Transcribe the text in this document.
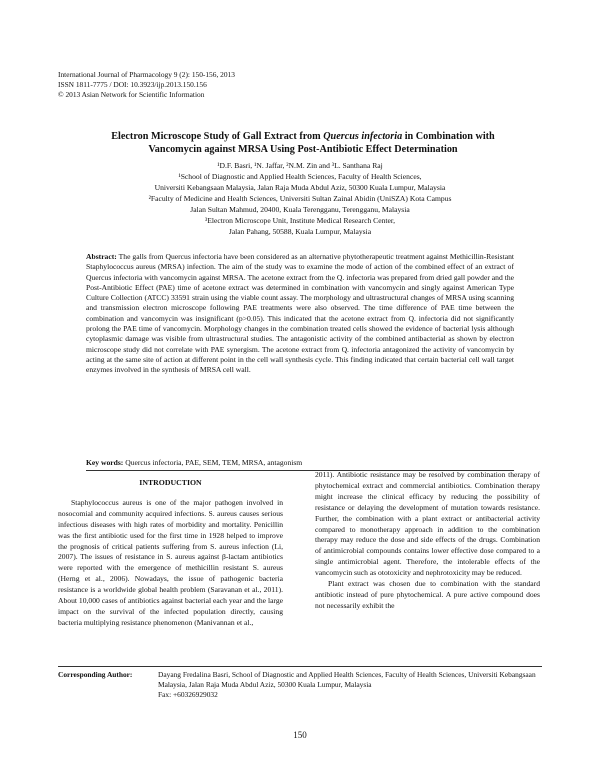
International Journal of Pharmacology 9 (2): 150-156, 2013
ISSN 1811-7775 / DOI: 10.3923/ijp.2013.150.156
© 2013 Asian Network for Scientific Information
Electron Microscope Study of Gall Extract from Quercus infectoria in Combination with
Vancomycin against MRSA Using Post-Antibiotic Effect Determination
¹D.F. Basri, ¹N. Jaffar, ²N.M. Zin and ³L. Santhana Raj
¹School of Diagnostic and Applied Health Sciences, Faculty of Health Sciences,
Universiti Kebangsaan Malaysia, Jalan Raja Muda Abdul Aziz, 50300 Kuala Lumpur, Malaysia
²Faculty of Medicine and Health Sciences, Universiti Sultan Zainal Abidin (UniSZA) Kota Campus
Jalan Sultan Mahmud, 20400, Kuala Terengganu, Terengganu, Malaysia
³Electron Microscope Unit, Institute Medical Research Center,
Jalan Pahang, 50588, Kuala Lumpur, Malaysia
Abstract: The galls from Quercus infectoria have been considered as an alternative phytotherapeutic treatment against Methicillin-Resistant Staphylococcus aureus (MRSA) infection. The aim of the study was to examine the mode of action of the combined effect of an extract of Quercus infectoria with vancomycin against MRSA. The acetone extract from the Q. infectoria was prepared from dried gall powder and the Post-Antibiotic Effect (PAE) time of acetone extract was determined in combination with vancomycin and singly against American Type Culture Collection (ATCC) 33591 strain using the viable count assay. The morphology and ultrastructural changes of MRSA using scanning and transmission electron microscope following PAE treatments were also observed. The time difference of PAE time between the combination and vancomycin was insignificant (p>0.05). This indicated that the acetone extract from Q. infectoria did not significantly prolong the PAE time of vancomycin. Morphology changes in the combination treated cells showed the evidence of bacterial lysis although cytoplasmic damage was visible from ultrastructural studies. The antagonistic activity of the combined antibacterial as shown by electron microscope study did not correlate with PAE synergism. The acetone extract from Q. infectoria antagonized the activity of vancomycin by acting at the same site of action at different point in the cell wall synthesis cycle. This finding indicated that certain bacterial cell wall target enzymes involved in the synthesis of MRSA cell wall.
Key words: Quercus infectoria, PAE, SEM, TEM, MRSA, antagonism
INTRODUCTION

Staphylococcus aureus is one of the major pathogen involved in nosocomial and community acquired infections. S. aureus causes serious infectious diseases with high rates of morbidity and mortality. Penicillin was the first antibiotic used for the first time in 1928 helped to improve the prognosis of critical patients suffering from S. aureus infection (Li, 2007). The issues of resistance in S. aureus against β-lactam antibiotics were reported with the emergence of methicillin resistant S. aureus (Herng et al., 2006). Nowadays, the issue of pathogenic bacteria resistance is a worldwide global health problem (Saravanan et al., 2011). About 10,000 cases of antibiotics against bacterial each year and the large impact on the survival of the infected population directly, causing bacteria multiplying resistance phenomenon (Manivannan et al.,

2011). Antibiotic resistance may be resolved by combination therapy of phytochemical extract and commercial antibiotics. Combination therapy might increase the clinical efficacy by reducing the possibility of resistance or delaying the development of mutation towards resistance. Further, the combination with a plant extract or antibacterial activity compared to monotherapy approach in addition to the combination therapy may reduce the dose and side effects of the drugs. Combination of antimicrobial compounds contains lower effective dose compared to a single antimicrobial agent. Therefore, the intolerable effects of the vancomycin such as ototoxicity and nephrotoxicity may be reduced.

Plant extract was chosen due to combination with the standard antibiotic instead of pure phytochemical. A pure active compound does not necessarily exhibit the

Corresponding Author:	Dayang Fredalina Basri, School of Diagnostic and Applied Health Sciences, Faculty of Health Sciences, Universiti Kebangsaan Malaysia, Jalan Raja Muda Abdul Aziz, 50300 Kuala Lumpur, Malaysia
Fax: +60326929032
150
